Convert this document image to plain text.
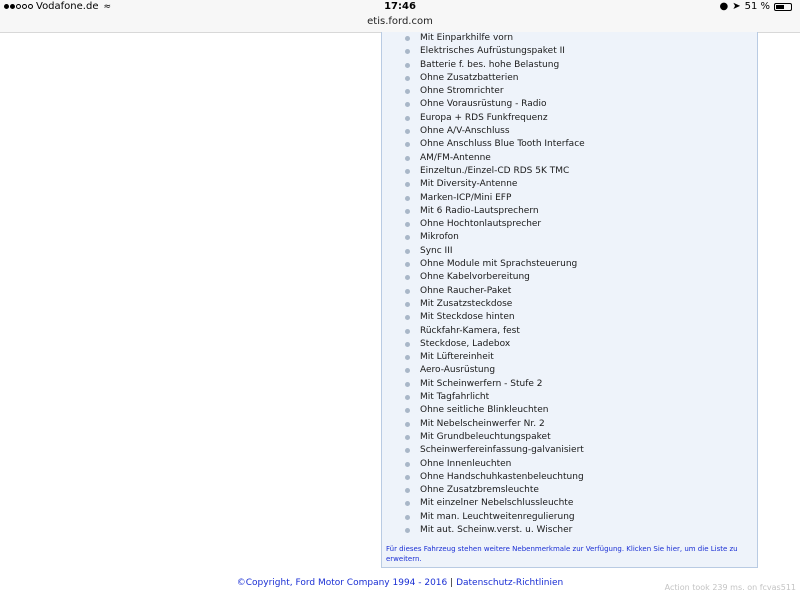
Vodafone.de ≈	17:46	● ➤ 51 %
etis.ford.com
Mit Einparkhilfe vorn
Elektrisches Aufrüstungspaket II
Batterie f. bes. hohe Belastung
Ohne Zusatzbatterien
Ohne Stromrichter
Ohne Vorausrüstung - Radio
Europa + RDS Funkfrequenz
Ohne A/V-Anschluss
Ohne Anschluss Blue Tooth Interface
AM/FM-Antenne
Einzeltun./Einzel-CD RDS 5K TMC
Mit Diversity-Antenne
Marken-ICP/Mini EFP
Mit 6 Radio-Lautsprechern
Ohne Hochtonlautsprecher
Mikrofon
Sync III
Ohne Module mit Sprachsteuerung
Ohne Kabelvorbereitung
Ohne Raucher-Paket
Mit Zusatzsteckdose
Mit Steckdose hinten
Rückfahr-Kamera, fest
Steckdose, Ladebox
Mit Lüftereinheit
Aero-Ausrüstung
Mit Scheinwerfern - Stufe 2
Mit Tagfahrlicht
Ohne seitliche Blinkleuchten
Mit Nebelscheinwerfer Nr. 2
Mit Grundbeleuchtungspaket
Scheinwerfereinfassung-galvanisiert
Ohne Innenleuchten
Ohne Handschuhkastenbeleuchtung
Ohne Zusatzbremsleuchte
Mit einzelner Nebelschlussleuchte
Mit man. Leuchtweitenregulierung
Mit aut. Scheinw.verst. u. Wischer
Für dieses Fahrzeug stehen weitere Nebenmerkmale zur Verfügung. Klicken Sie hier, um die Liste zu erweitern.
©Copyright, Ford Motor Company 1994 - 2016 | Datenschutz-Richtlinien	Action took 239 ms. on fcvas511
